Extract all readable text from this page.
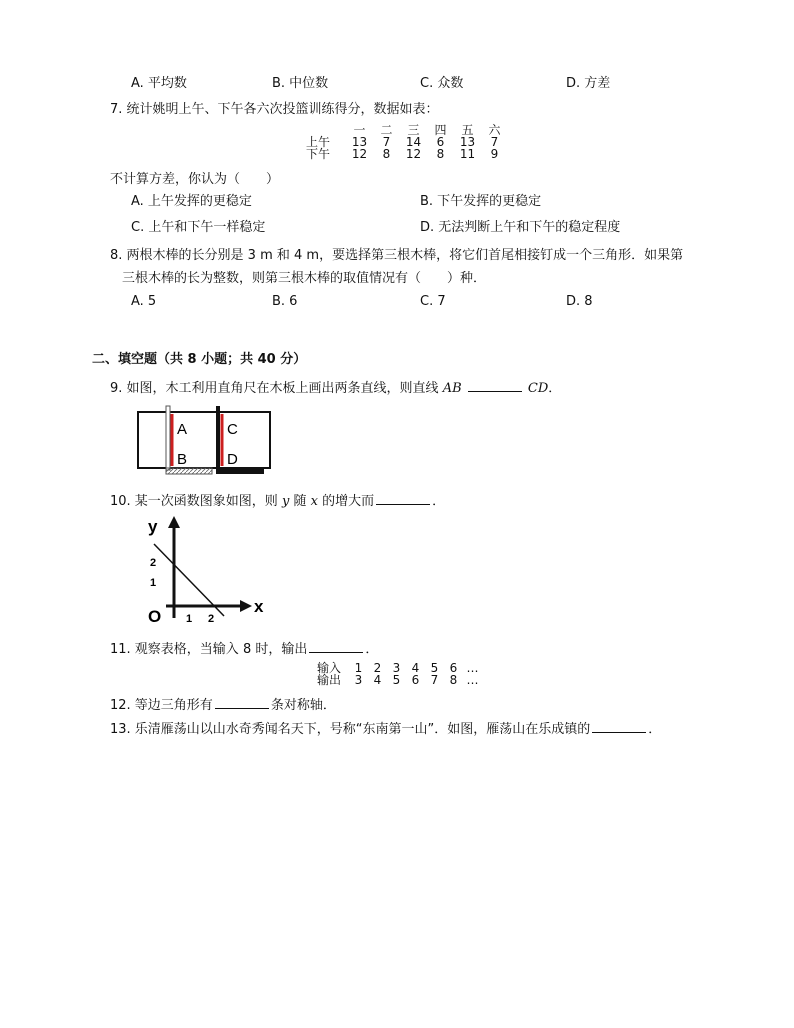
A. 平均数	B. 中位数	C. 众数	D. 方差
7. 统计姚明上午、下午各六次投篮训练得分，数据如表：
	一	二	三	四	五	六
上午	13	7	14	6	13	7
下午	12	8	12	8	11	9
不计算方差，你认为（ ）
A. 上午发挥的更稳定	B. 下午发挥的更稳定
C. 上午和下午一样稳定	D. 无法判断上午和下午的稳定程度
8. 两根木棒的长分别是 3 m 和 4 m，要选择第三根木棒，将它们首尾相接钉成一个三角形．如果第
三根木棒的长为整数，则第三根木棒的取值情况有（ ）种．
A. 5	B. 6	C. 7	D. 8
二、填空题（共 8 小题；共 40 分）
9. 如图，木工利用直角尺在木板上画出两条直线，则直线 AB	CD．
A
B
C
D
10. 某一次函数图象如图，则 y 随 x 的增大而	．
y
x
O
2
1
1 2
11. 观察表格，当输入 8 时，输出	．
输入	1	2	3	4	5	6	…
输出	3	4	5	6	7	8	…
12. 等边三角形有	条对称轴．
13. 乐清雁荡山以山水奇秀闻名天下，号称“东南第一山”．如图，雁荡山在乐成镇的	．
